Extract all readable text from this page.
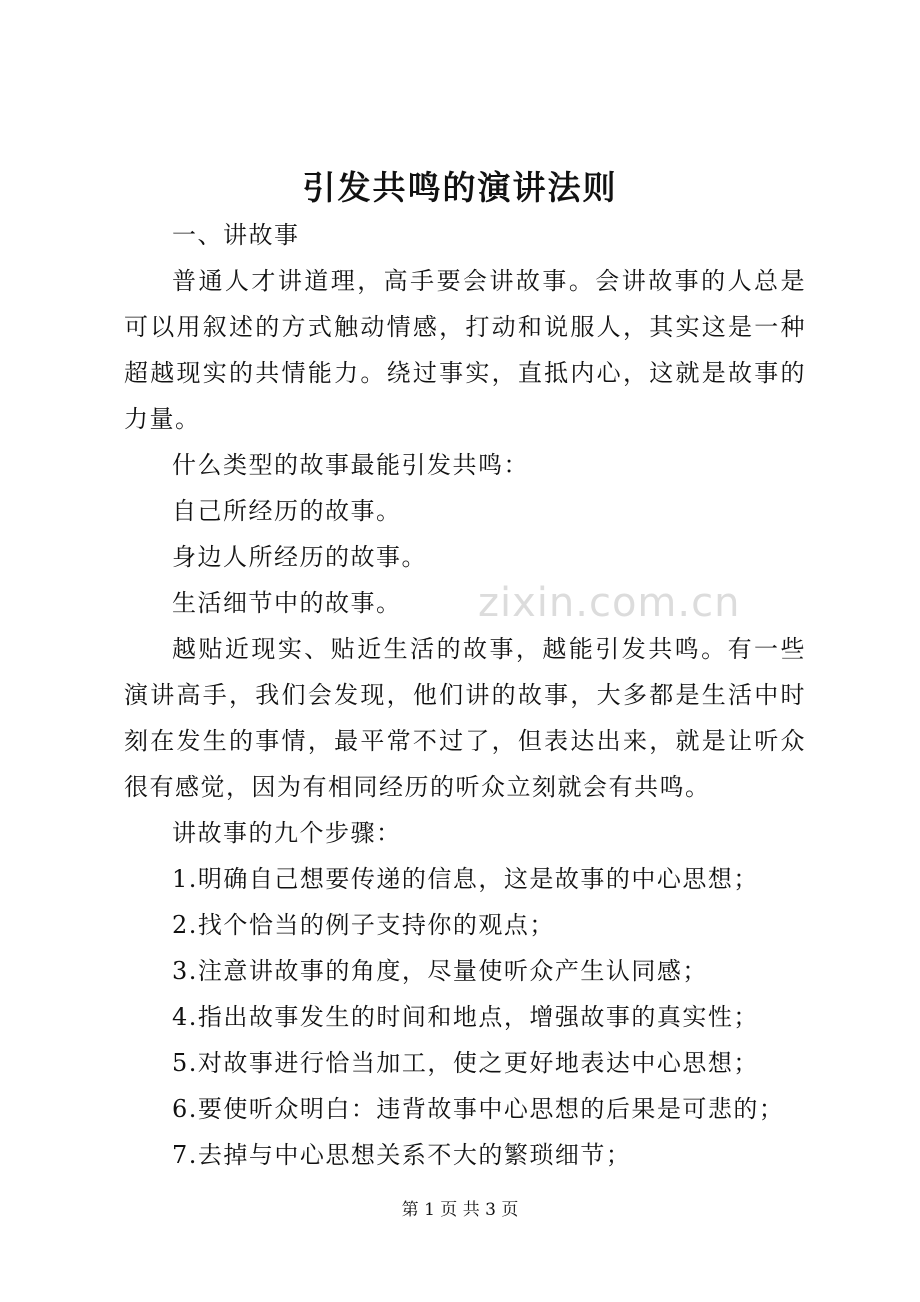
引发共鸣的演讲法则

一、讲故事

普通人才讲道理，高手要会讲故事。会讲故事的人总是可以用叙述的方式触动情感，打动和说服人，其实这是一种超越现实的共情能力。绕过事实，直抵内心，这就是故事的力量。

什么类型的故事最能引发共鸣：

自己所经历的故事。

身边人所经历的故事。

生活细节中的故事。

越贴近现实、贴近生活的故事，越能引发共鸣。有一些演讲高手，我们会发现，他们讲的故事，大多都是生活中时刻在发生的事情，最平常不过了，但表达出来，就是让听众很有感觉，因为有相同经历的听众立刻就会有共鸣。

讲故事的九个步骤：

1.明确自己想要传递的信息，这是故事的中心思想；

2.找个恰当的例子支持你的观点；

3.注意讲故事的角度，尽量使听众产生认同感；

4.指出故事发生的时间和地点，增强故事的真实性；

5.对故事进行恰当加工，使之更好地表达中心思想；

6.要使听众明白：违背故事中心思想的后果是可悲的；

7.去掉与中心思想关系不大的繁琐细节；

zixin.com.cn
第 1 页 共 3 页
